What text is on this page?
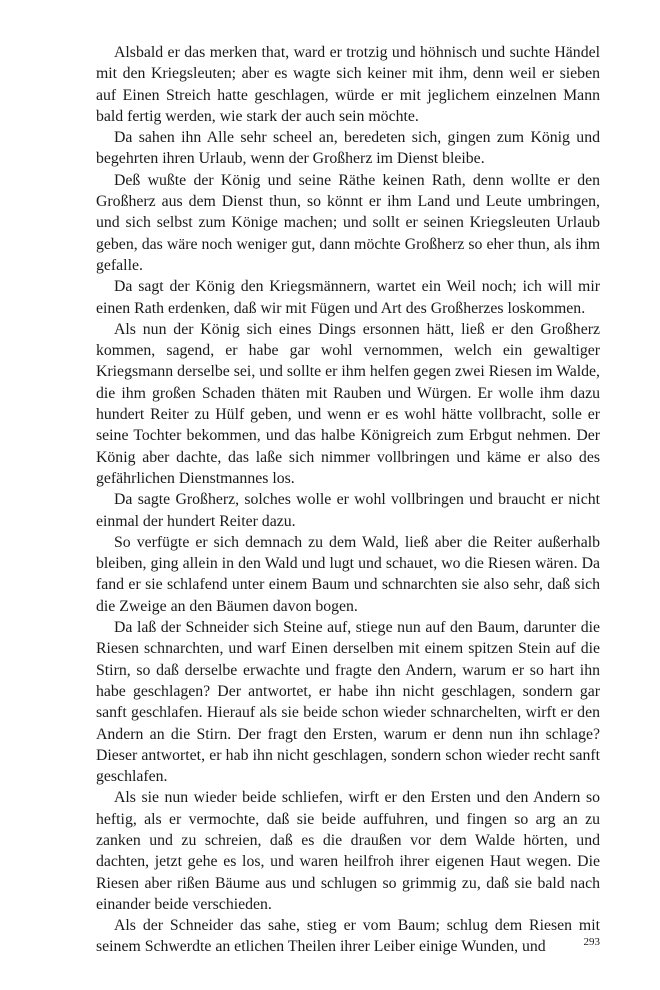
Alsbald er das merken that, ward er trotzig und höhnisch und suchte Händel mit den Kriegsleuten; aber es wagte sich keiner mit ihm, denn weil er sieben auf Einen Streich hatte geschlagen, würde er mit jeglichem einzelnen Mann bald fertig werden, wie stark der auch sein möchte.

Da sahen ihn Alle sehr scheel an, beredeten sich, gingen zum König und begehrten ihren Urlaub, wenn der Großherz im Dienst bleibe.

Deß wußte der König und seine Räthe keinen Rath, denn wollte er den Großherz aus dem Dienst thun, so könnt er ihm Land und Leute umbringen, und sich selbst zum Könige machen; und sollt er seinen Kriegsleuten Urlaub geben, das wäre noch weniger gut, dann möchte Großherz so eher thun, als ihm gefalle.

Da sagt der König den Kriegsmännern, wartet ein Weil noch; ich will mir einen Rath erdenken, daß wir mit Fügen und Art des Großherzes loskommen.

Als nun der König sich eines Dings ersonnen hätt, ließ er den Großherz kommen, sagend, er habe gar wohl vernommen, welch ein gewaltiger Kriegsmann derselbe sei, und sollte er ihm helfen gegen zwei Riesen im Walde, die ihm großen Schaden thäten mit Rauben und Würgen. Er wolle ihm dazu hundert Reiter zu Hülf geben, und wenn er es wohl hätte vollbracht, solle er seine Tochter bekommen, und das halbe Königreich zum Erbgut nehmen. Der König aber dachte, das laße sich nimmer vollbringen und käme er also des gefährlichen Dienstmannes los.

Da sagte Großherz, solches wolle er wohl vollbringen und braucht er nicht einmal der hundert Reiter dazu.

So verfügte er sich demnach zu dem Wald, ließ aber die Reiter außerhalb bleiben, ging allein in den Wald und lugt und schauet, wo die Riesen wären. Da fand er sie schlafend unter einem Baum und schnarchten sie also sehr, daß sich die Zweige an den Bäumen davon bogen.

Da laß der Schneider sich Steine auf, stiege nun auf den Baum, darunter die Riesen schnarchten, und warf Einen derselben mit einem spitzen Stein auf die Stirn, so daß derselbe erwachte und fragte den Andern, warum er so hart ihn habe geschlagen? Der antwortet, er habe ihn nicht geschlagen, sondern gar sanft geschlafen. Hierauf als sie beide schon wieder schnarchelten, wirft er den Andern an die Stirn. Der fragt den Ersten, warum er denn nun ihn schlage? Dieser antwortet, er hab ihn nicht geschlagen, sondern schon wieder recht sanft geschlafen.

Als sie nun wieder beide schliefen, wirft er den Ersten und den Andern so heftig, als er vermochte, daß sie beide auffuhren, und fingen so arg an zu zanken und zu schreien, daß es die draußen vor dem Walde hörten, und dachten, jetzt gehe es los, und waren heilfroh ihrer eigenen Haut wegen. Die Riesen aber rißen Bäume aus und schlugen so grimmig zu, daß sie bald nach einander beide verschieden.

Als der Schneider das sahe, stieg er vom Baum; schlug dem Riesen mit seinem Schwerdte an etlichen Theilen ihrer Leiber einige Wunden, und	293
